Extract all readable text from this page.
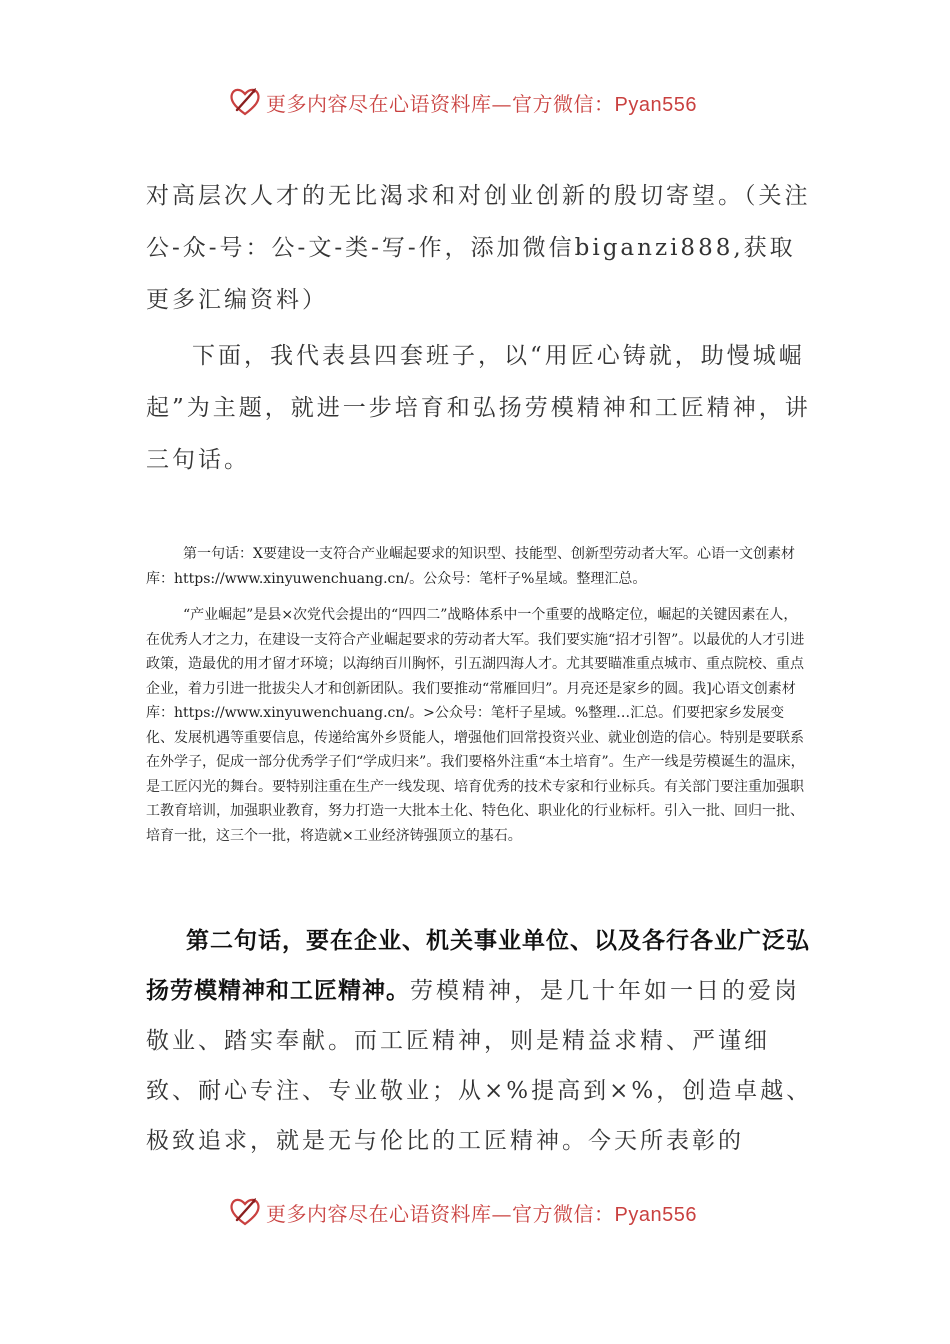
更多内容尽在心语资料库—官方微信：Pyan556

对高层次人才的无比渴求和对创业创新的殷切寄望。（关注公-众-号：公-文-类-写-作，添加微信biganzi888,获取更多汇编资料）

下面，我代表县四套班子，以“用匠心铸就，助慢城崛起”为主题，就进一步培育和弘扬劳模精神和工匠精神，讲三句话。

第一句话：X要建设一支符合产业崛起要求的知识型、技能型、创新型劳动者大军。心语一文创素材库：https://www.xinyuwenchuang.cn/。公众号：笔杆子%星域。整理汇总。

“产业崛起”是县×次党代会提出的“四四二”战略体系中一个重要的战略定位，崛起的关键因素在人，在优秀人才之力，在建设一支符合产业崛起要求的劳动者大军。我们要实施“招才引智”。以最优的人才引进政策，造最优的用才留才环境；以海纳百川胸怀，引五湖四海人才。尤其要瞄准重点城市、重点院校、重点企业，着力引进一批拔尖人才和创新团队。我们要推动“常雁回归”。月亮还是家乡的圆。我]心语文创素材库：https://www.xinyuwenchuang.cn/。>公众号：笔杆子星域。%整理…汇总。们要把家乡发展变化、发展机遇等重要信息，传递给寓外乡贤能人，增强他们回常投资兴业、就业创造的信心。特别是要联系在外学子，促成一部分优秀学子们“学成归来”。我们要格外注重“本土培育”。生产一线是劳模诞生的温床，是工匠闪光的舞台。要特别注重在生产一线发现、培育优秀的技术专家和行业标兵。有关部门要注重加强职工教育培训，加强职业教育，努力打造一大批本土化、特色化、职业化的行业标杆。引入一批、回归一批、培育一批，这三个一批，将造就×工业经济铸强顶立的基石。

第二句话，要在企业、机关事业单位、以及各行各业广泛弘扬劳模精神和工匠精神。劳模精神，是几十年如一日的爱岗敬业、踏实奉献。而工匠精神，则是精益求精、严谨细致、耐心专注、专业敬业；从×%提高到×%，创造卓越、极致追求，就是无与伦比的工匠精神。今天所表彰的

更多内容尽在心语资料库—官方微信：Pyan556
